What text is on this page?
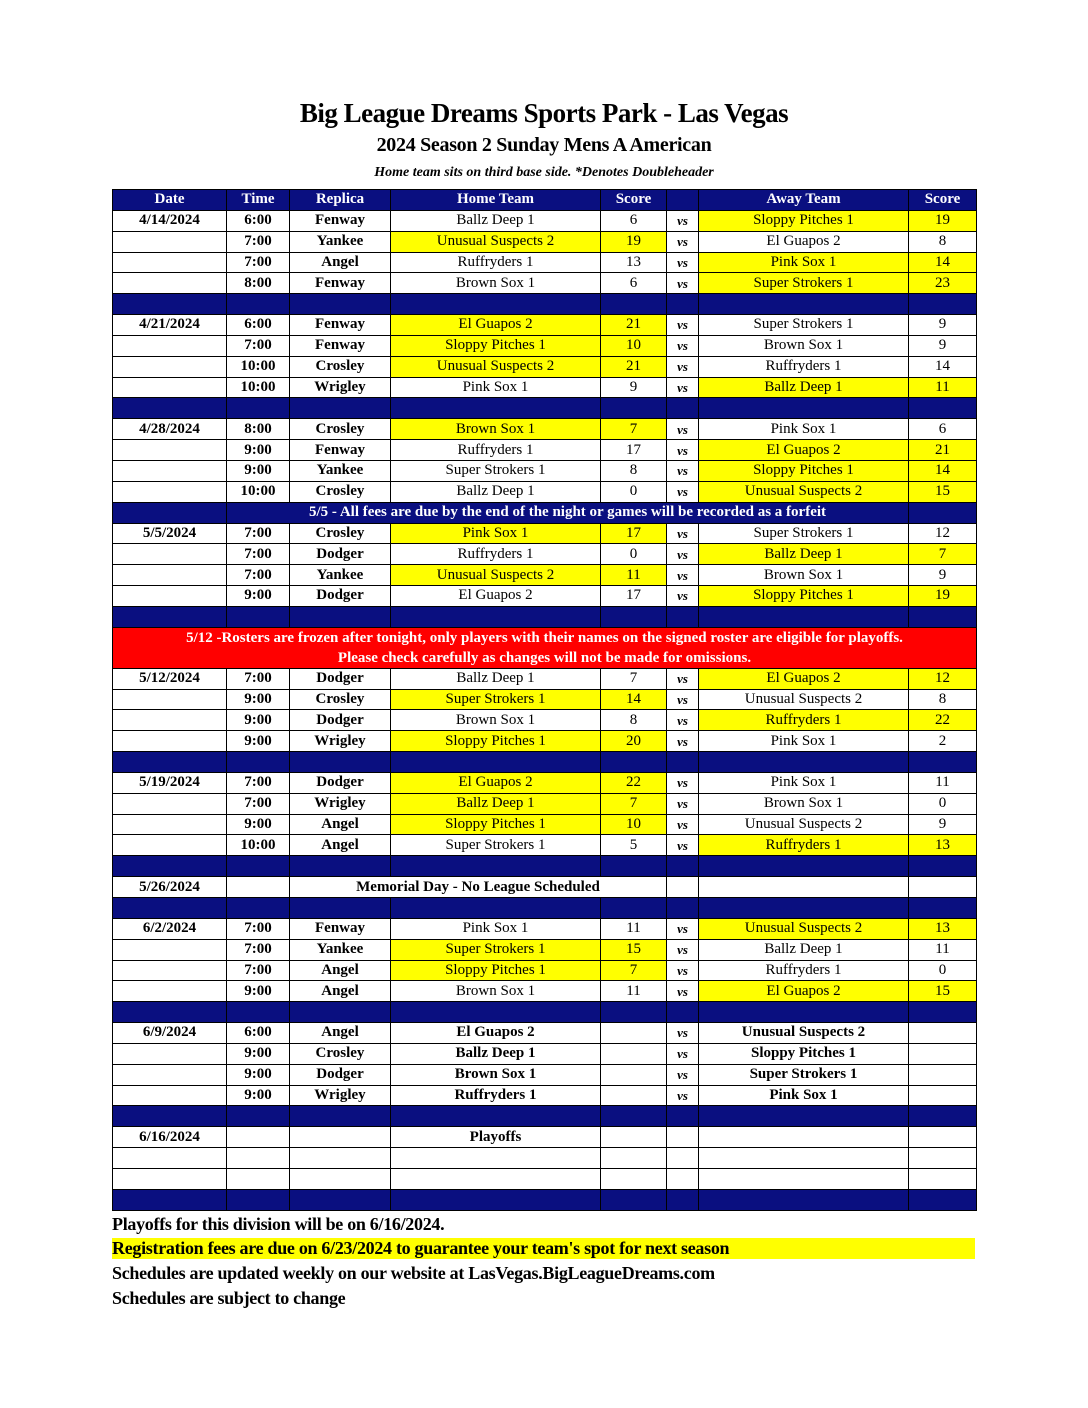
Big League Dreams Sports Park - Las Vegas
2024 Season 2 Sunday Mens A American
Home team sits on third base side. *Denotes Doubleheader
Date	Time	Replica	Home Team	Score		Away Team	Score
4/14/2024	6:00	Fenway	Ballz Deep 1	6	vs	Sloppy Pitches 1	19
	7:00	Yankee	Unusual Suspects 2	19	vs	El Guapos 2	8
	7:00	Angel	Ruffryders 1	13	vs	Pink Sox 1	14
	8:00	Fenway	Brown Sox 1	6	vs	Super Strokers 1	23

4/21/2024	6:00	Fenway	El Guapos 2	21	vs	Super Strokers 1	9
	7:00	Fenway	Sloppy Pitches 1	10	vs	Brown Sox 1	9
	10:00	Crosley	Unusual Suspects 2	21	vs	Ruffryders 1	14
	10:00	Wrigley	Pink Sox 1	9	vs	Ballz Deep 1	11

4/28/2024	8:00	Crosley	Brown Sox 1	7	vs	Pink Sox 1	6
	9:00	Fenway	Ruffryders 1	17	vs	El Guapos 2	21
	9:00	Yankee	Super Strokers 1	8	vs	Sloppy Pitches 1	14
	10:00	Crosley	Ballz Deep 1	0	vs	Unusual Suspects 2	15
	5/5 - All fees are due by the end of the night or games will be recorded as a forfeit						
5/5/2024	7:00	Crosley	Pink Sox 1	17	vs	Super Strokers 1	12
	7:00	Dodger	Ruffryders 1	0	vs	Ballz Deep 1	7
	7:00	Yankee	Unusual Suspects 2	11	vs	Brown Sox 1	9
	9:00	Dodger	El Guapos 2	17	vs	Sloppy Pitches 1	19

5/12 -Rosters are frozen after tonight, only players with their names on the signed roster are eligible for playoffs.
Please check carefully as changes will not be made for omissions.							

5/12/2024	7:00	Dodger	Ballz Deep 1	7	vs	El Guapos 2	12
	9:00	Crosley	Super Strokers 1	14	vs	Unusual Suspects 2	8
	9:00	Dodger	Brown Sox 1	8	vs	Ruffryders 1	22
	9:00	Wrigley	Sloppy Pitches 1	20	vs	Pink Sox 1	2

5/19/2024	7:00	Dodger	El Guapos 2	22	vs	Pink Sox 1	11
	7:00	Wrigley	Ballz Deep 1	7	vs	Brown Sox 1	0
	9:00	Angel	Sloppy Pitches 1	10	vs	Unusual Suspects 2	9
	10:00	Angel	Super Strokers 1	5	vs	Ruffryders 1	13

5/26/2024		Memorial Day - No League Scheduled					

6/2/2024	7:00	Fenway	Pink Sox 1	11	vs	Unusual Suspects 2	13
	7:00	Yankee	Super Strokers 1	15	vs	Ballz Deep 1	11
	7:00	Angel	Sloppy Pitches 1	7	vs	Ruffryders 1	0
	9:00	Angel	Brown Sox 1	11	vs	El Guapos 2	15

6/9/2024	6:00	Angel	El Guapos 2		vs	Unusual Suspects 2	
	9:00	Crosley	Ballz Deep 1		vs	Sloppy Pitches 1	
	9:00	Dodger	Brown Sox 1		vs	Super Strokers 1	
	9:00	Wrigley	Ruffryders 1		vs	Pink Sox 1	

6/16/2024			Playoffs				

Playoffs for this division will be on 6/16/2024.
Registration fees are due on 6/23/2024 to guarantee your team's spot for next season
Schedules are updated weekly on our website at LasVegas.BigLeagueDreams.com
Schedules are subject to change
